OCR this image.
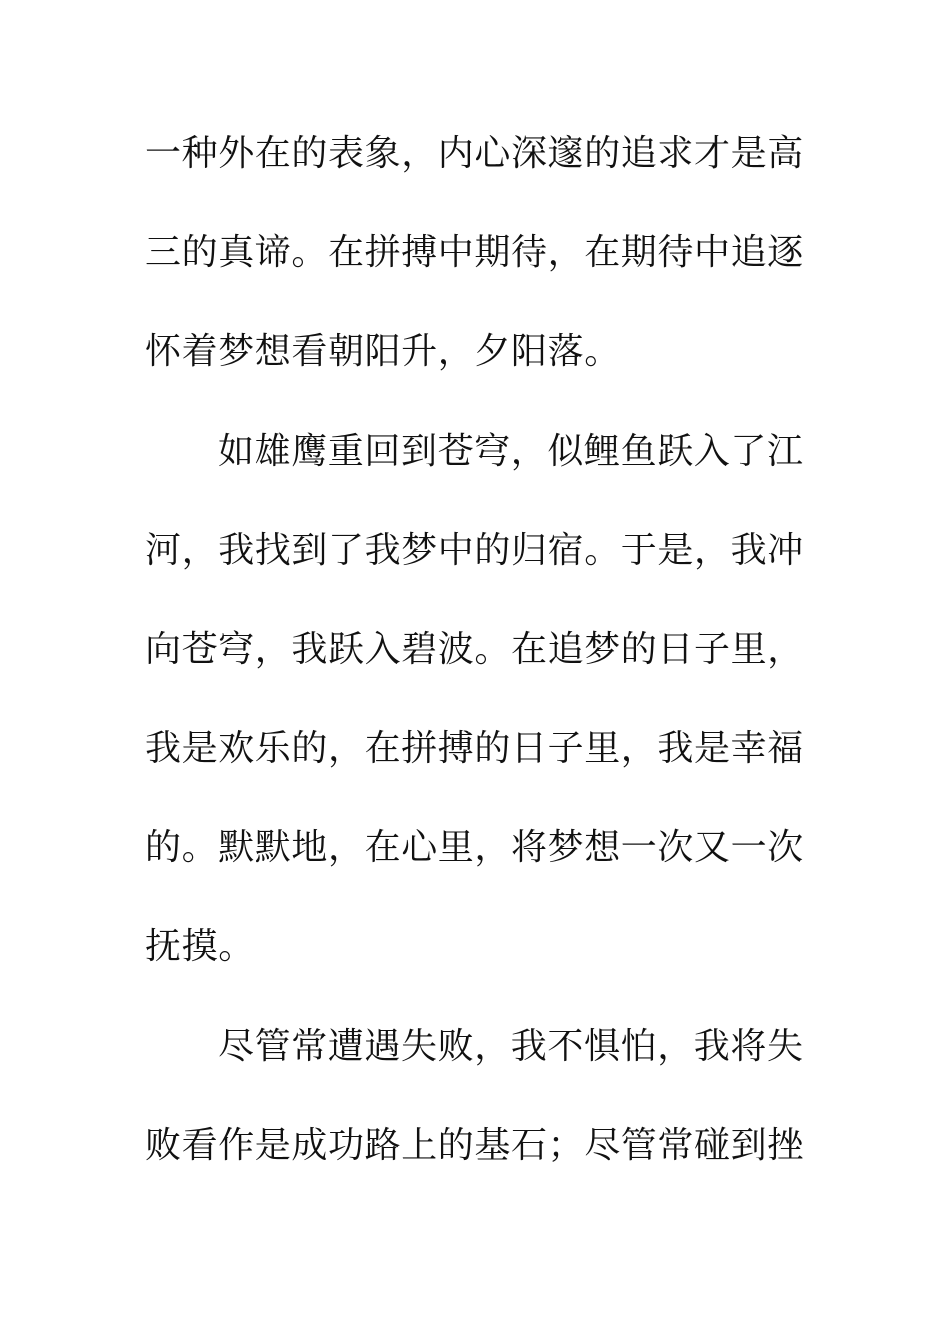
一种外在的表象，内心深邃的追求才是高
三的真谛。在拼搏中期待，在期待中追逐
怀着梦想看朝阳升，夕阳落。
如雄鹰重回到苍穹，似鲤鱼跃入了江
河，我找到了我梦中的归宿。于是，我冲
向苍穹，我跃入碧波。在追梦的日子里，
我是欢乐的，在拼搏的日子里，我是幸福
的。默默地，在心里，将梦想一次又一次
抚摸。
尽管常遭遇失败，我不惧怕，我将失
败看作是成功路上的基石；尽管常碰到挫
